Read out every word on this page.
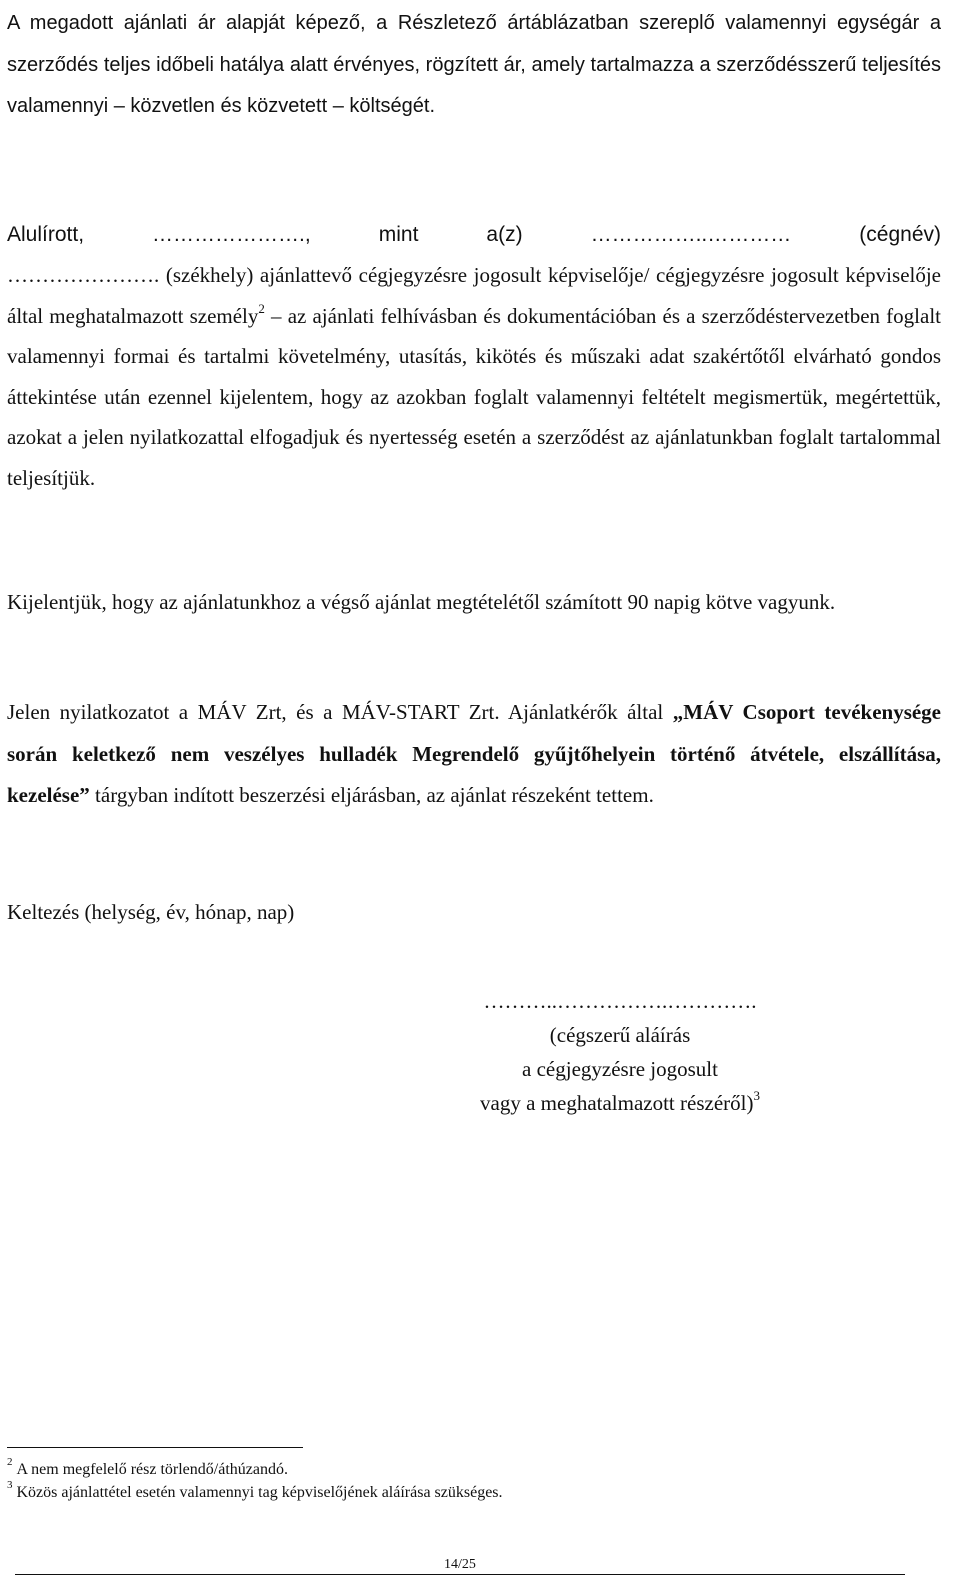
A megadott ajánlati ár alapját képező, a Részletező ártáblázatban szereplő valamennyi egységár a szerződés teljes időbeli hatálya alatt érvényes, rögzített ár, amely tartalmazza a szerződésszerű teljesítés valamennyi – közvetlen és közvetett – költségét.

Alulírott, …………………., mint a(z) ……………..………… (cégnév)

…………………. (székhely) ajánlattevő cégjegyzésre jogosult képviselője/ cégjegyzésre jogosult képviselője által meghatalmazott személy$^2$ – az ajánlati felhívásban és dokumentációban és a szerződéstervezetben foglalt valamennyi formai és tartalmi követelmény, utasítás, kikötés és műszaki adat szakértőtől elvárható gondos áttekintése után ezennel kijelentem, hogy az azokban foglalt valamennyi feltételt megismertük, megértettük, azokat a jelen nyilatkozattal elfogadjuk és nyertesség esetén a szerződést az ajánlatunkban foglalt tartalommal teljesítjük.

Kijelentjük, hogy az ajánlatunkhoz a végső ajánlat megtételétől számított 90 napig kötve vagyunk.

Jelen nyilatkozatot a MÁV Zrt, és a MÁV-START Zrt. Ajánlatkérők által „MÁV Csoport tevékenysége során keletkező nem veszélyes hulladék Megrendelő gyűjtőhelyein történő átvétele, elszállítása, kezelése” tárgyban indított beszerzési eljárásban, az ajánlat részeként tettem.

Keltezés (helység, év, hónap, nap)

………..…………….………….
(cégszerű aláírás
a cégjegyzésre jogosult
vagy a meghatalmazott részéről)$^3$
$^2$ A nem megfelelő rész törlendő/áthúzandó.
$^3$ Közös ajánlattétel esetén valamennyi tag képviselőjének aláírása szükséges.
14/25
